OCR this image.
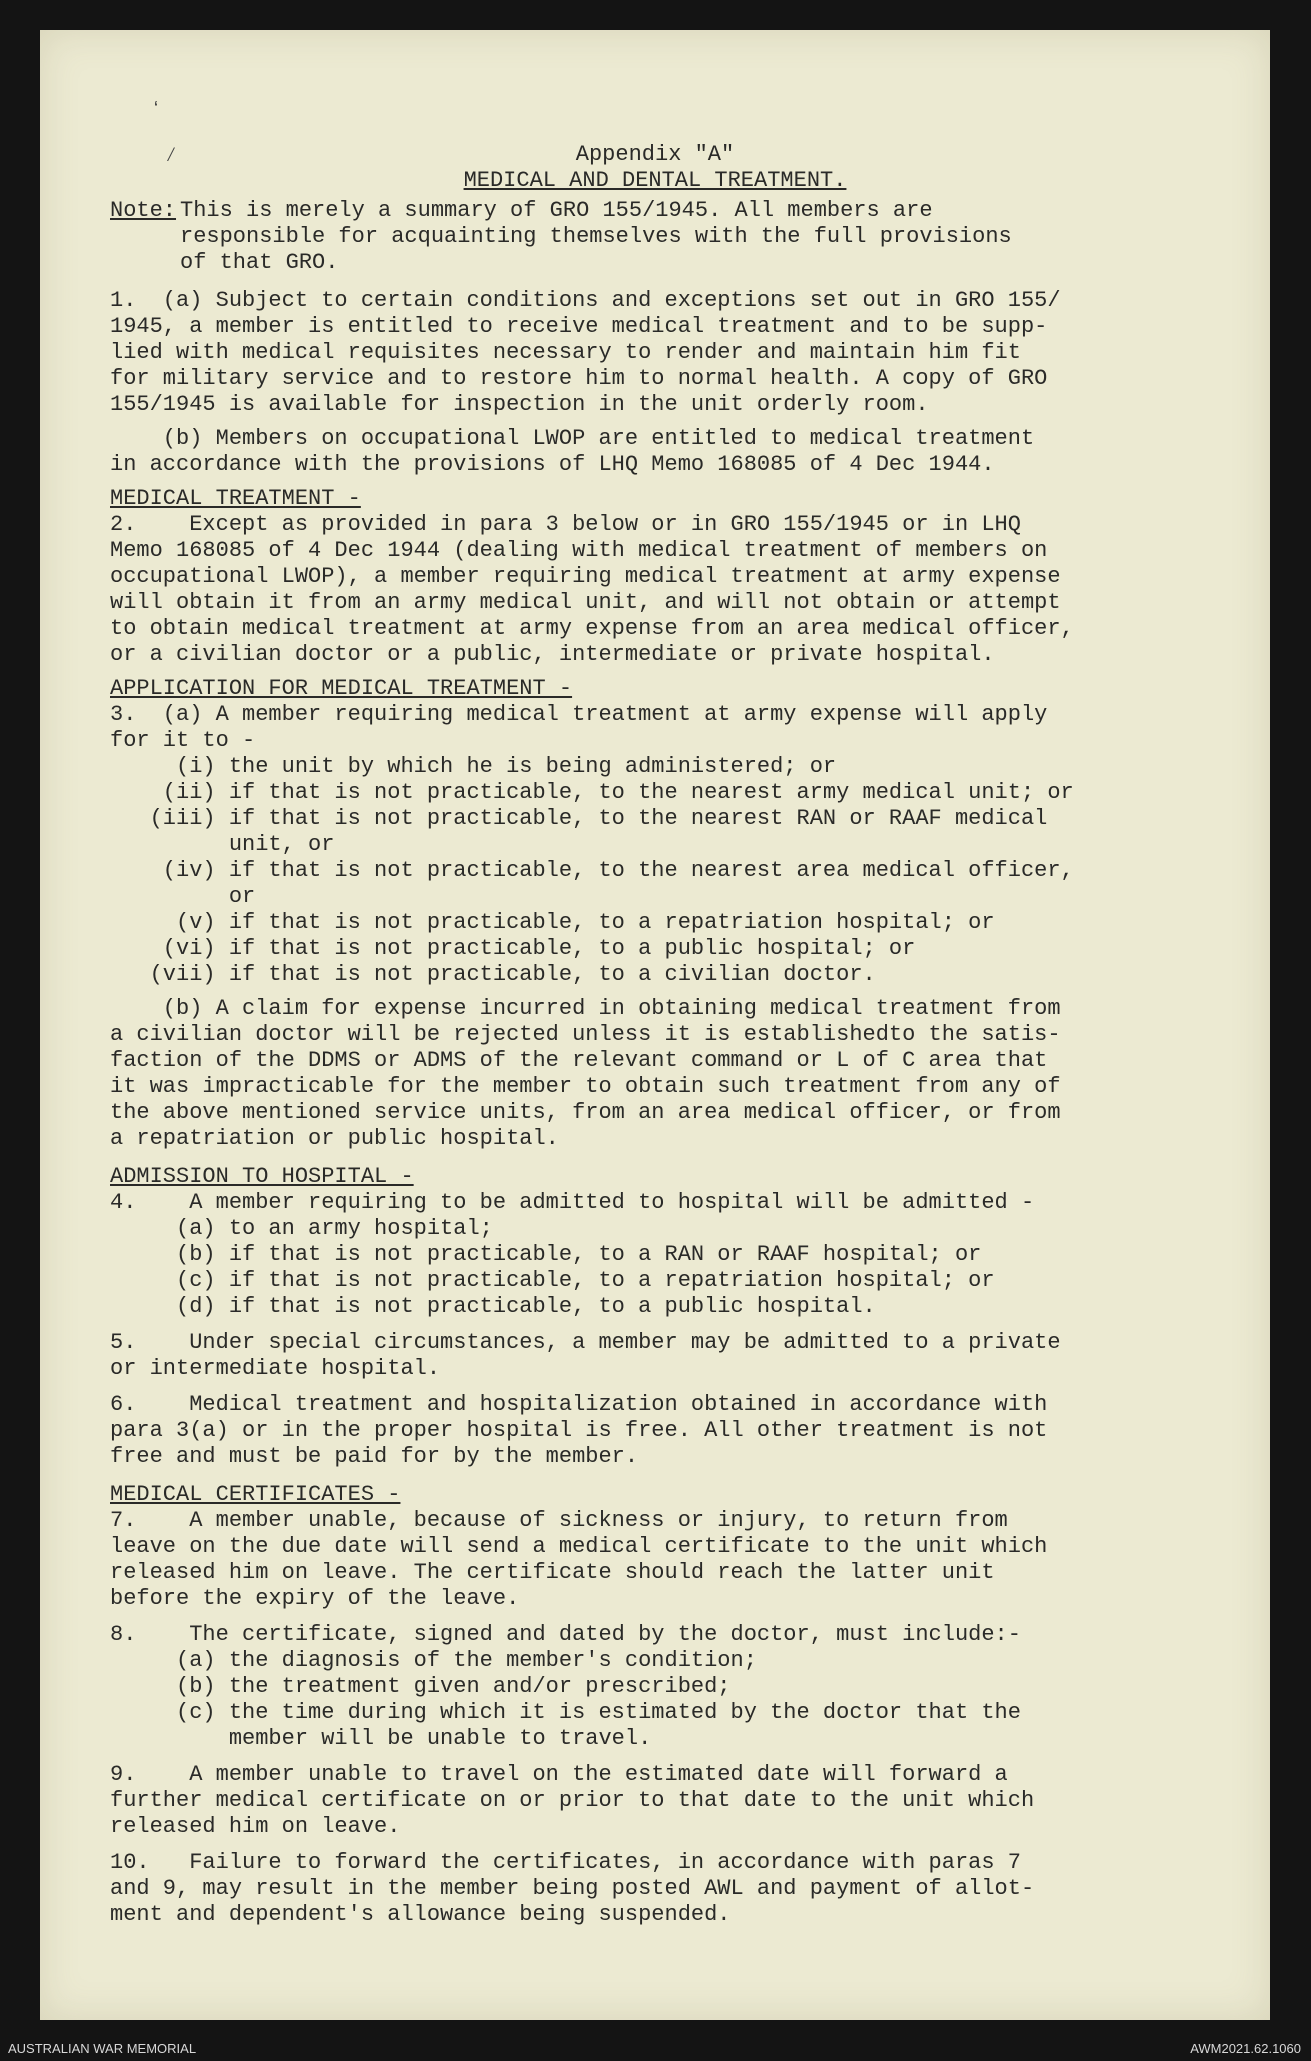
ʻ
⁄	Appendix "A"
MEDICAL AND DENTAL TREATMENT.
Note: This is merely a summary of GRO 155/1945. All members are
responsible for acquainting themselves with the full provisions
of that GRO.
1.  (a) Subject to certain conditions and exceptions set out in GRO 155/
1945, a member is entitled to receive medical treatment and to be supp-
lied with medical requisites necessary to render and maintain him fit
for military service and to restore him to normal health. A copy of GRO
155/1945 is available for inspection in the unit orderly room.
(b) Members on occupational LWOP are entitled to medical treatment
in accordance with the provisions of LHQ Memo 168085 of 4 Dec 1944.
MEDICAL TREATMENT -
2.    Except as provided in para 3 below or in GRO 155/1945 or in LHQ
Memo 168085 of 4 Dec 1944 (dealing with medical treatment of members on
occupational LWOP), a member requiring medical treatment at army expense
will obtain it from an army medical unit, and will not obtain or attempt
to obtain medical treatment at army expense from an area medical officer,
or a civilian doctor or a public, intermediate or private hospital.
APPLICATION FOR MEDICAL TREATMENT -
3.  (a) A member requiring medical treatment at army expense will apply
for it to -
(i) the unit by which he is being administered; or
(ii) if that is not practicable, to the nearest army medical unit; or
(iii) if that is not practicable, to the nearest RAN or RAAF medical
unit, or
(iv) if that is not practicable, to the nearest area medical officer,
or
(v) if that is not practicable, to a repatriation hospital; or
(vi) if that is not practicable, to a public hospital; or
(vii) if that is not practicable, to a civilian doctor.
(b) A claim for expense incurred in obtaining medical treatment from
a civilian doctor will be rejected unless it is establishedto the satis-
faction of the DDMS or ADMS of the relevant command or L of C area that
it was impracticable for the member to obtain such treatment from any of
the above mentioned service units, from an area medical officer, or from
a repatriation or public hospital.
ADMISSION TO HOSPITAL -
4.    A member requiring to be admitted to hospital will be admitted -
(a) to an army hospital;
(b) if that is not practicable, to a RAN or RAAF hospital; or
(c) if that is not practicable, to a repatriation hospital; or
(d) if that is not practicable, to a public hospital.
5.    Under special circumstances, a member may be admitted to a private
or intermediate hospital.
6.    Medical treatment and hospitalization obtained in accordance with
para 3(a) or in the proper hospital is free. All other treatment is not
free and must be paid for by the member.
MEDICAL CERTIFICATES -
7.    A member unable, because of sickness or injury, to return from
leave on the due date will send a medical certificate to the unit which
released him on leave. The certificate should reach the latter unit
before the expiry of the leave.
8.    The certificate, signed and dated by the doctor, must include:-
(a) the diagnosis of the member's condition;
(b) the treatment given and/or prescribed;
(c) the time during which it is estimated by the doctor that the
member will be unable to travel.
9.    A member unable to travel on the estimated date will forward a
further medical certificate on or prior to that date to the unit which
released him on leave.
10.   Failure to forward the certificates, in accordance with paras 7
and 9, may result in the member being posted AWL and payment of allot-
ment and dependent's allowance being suspended.
AUSTRALIAN WAR MEMORIAL	AWM2021.62.1060
